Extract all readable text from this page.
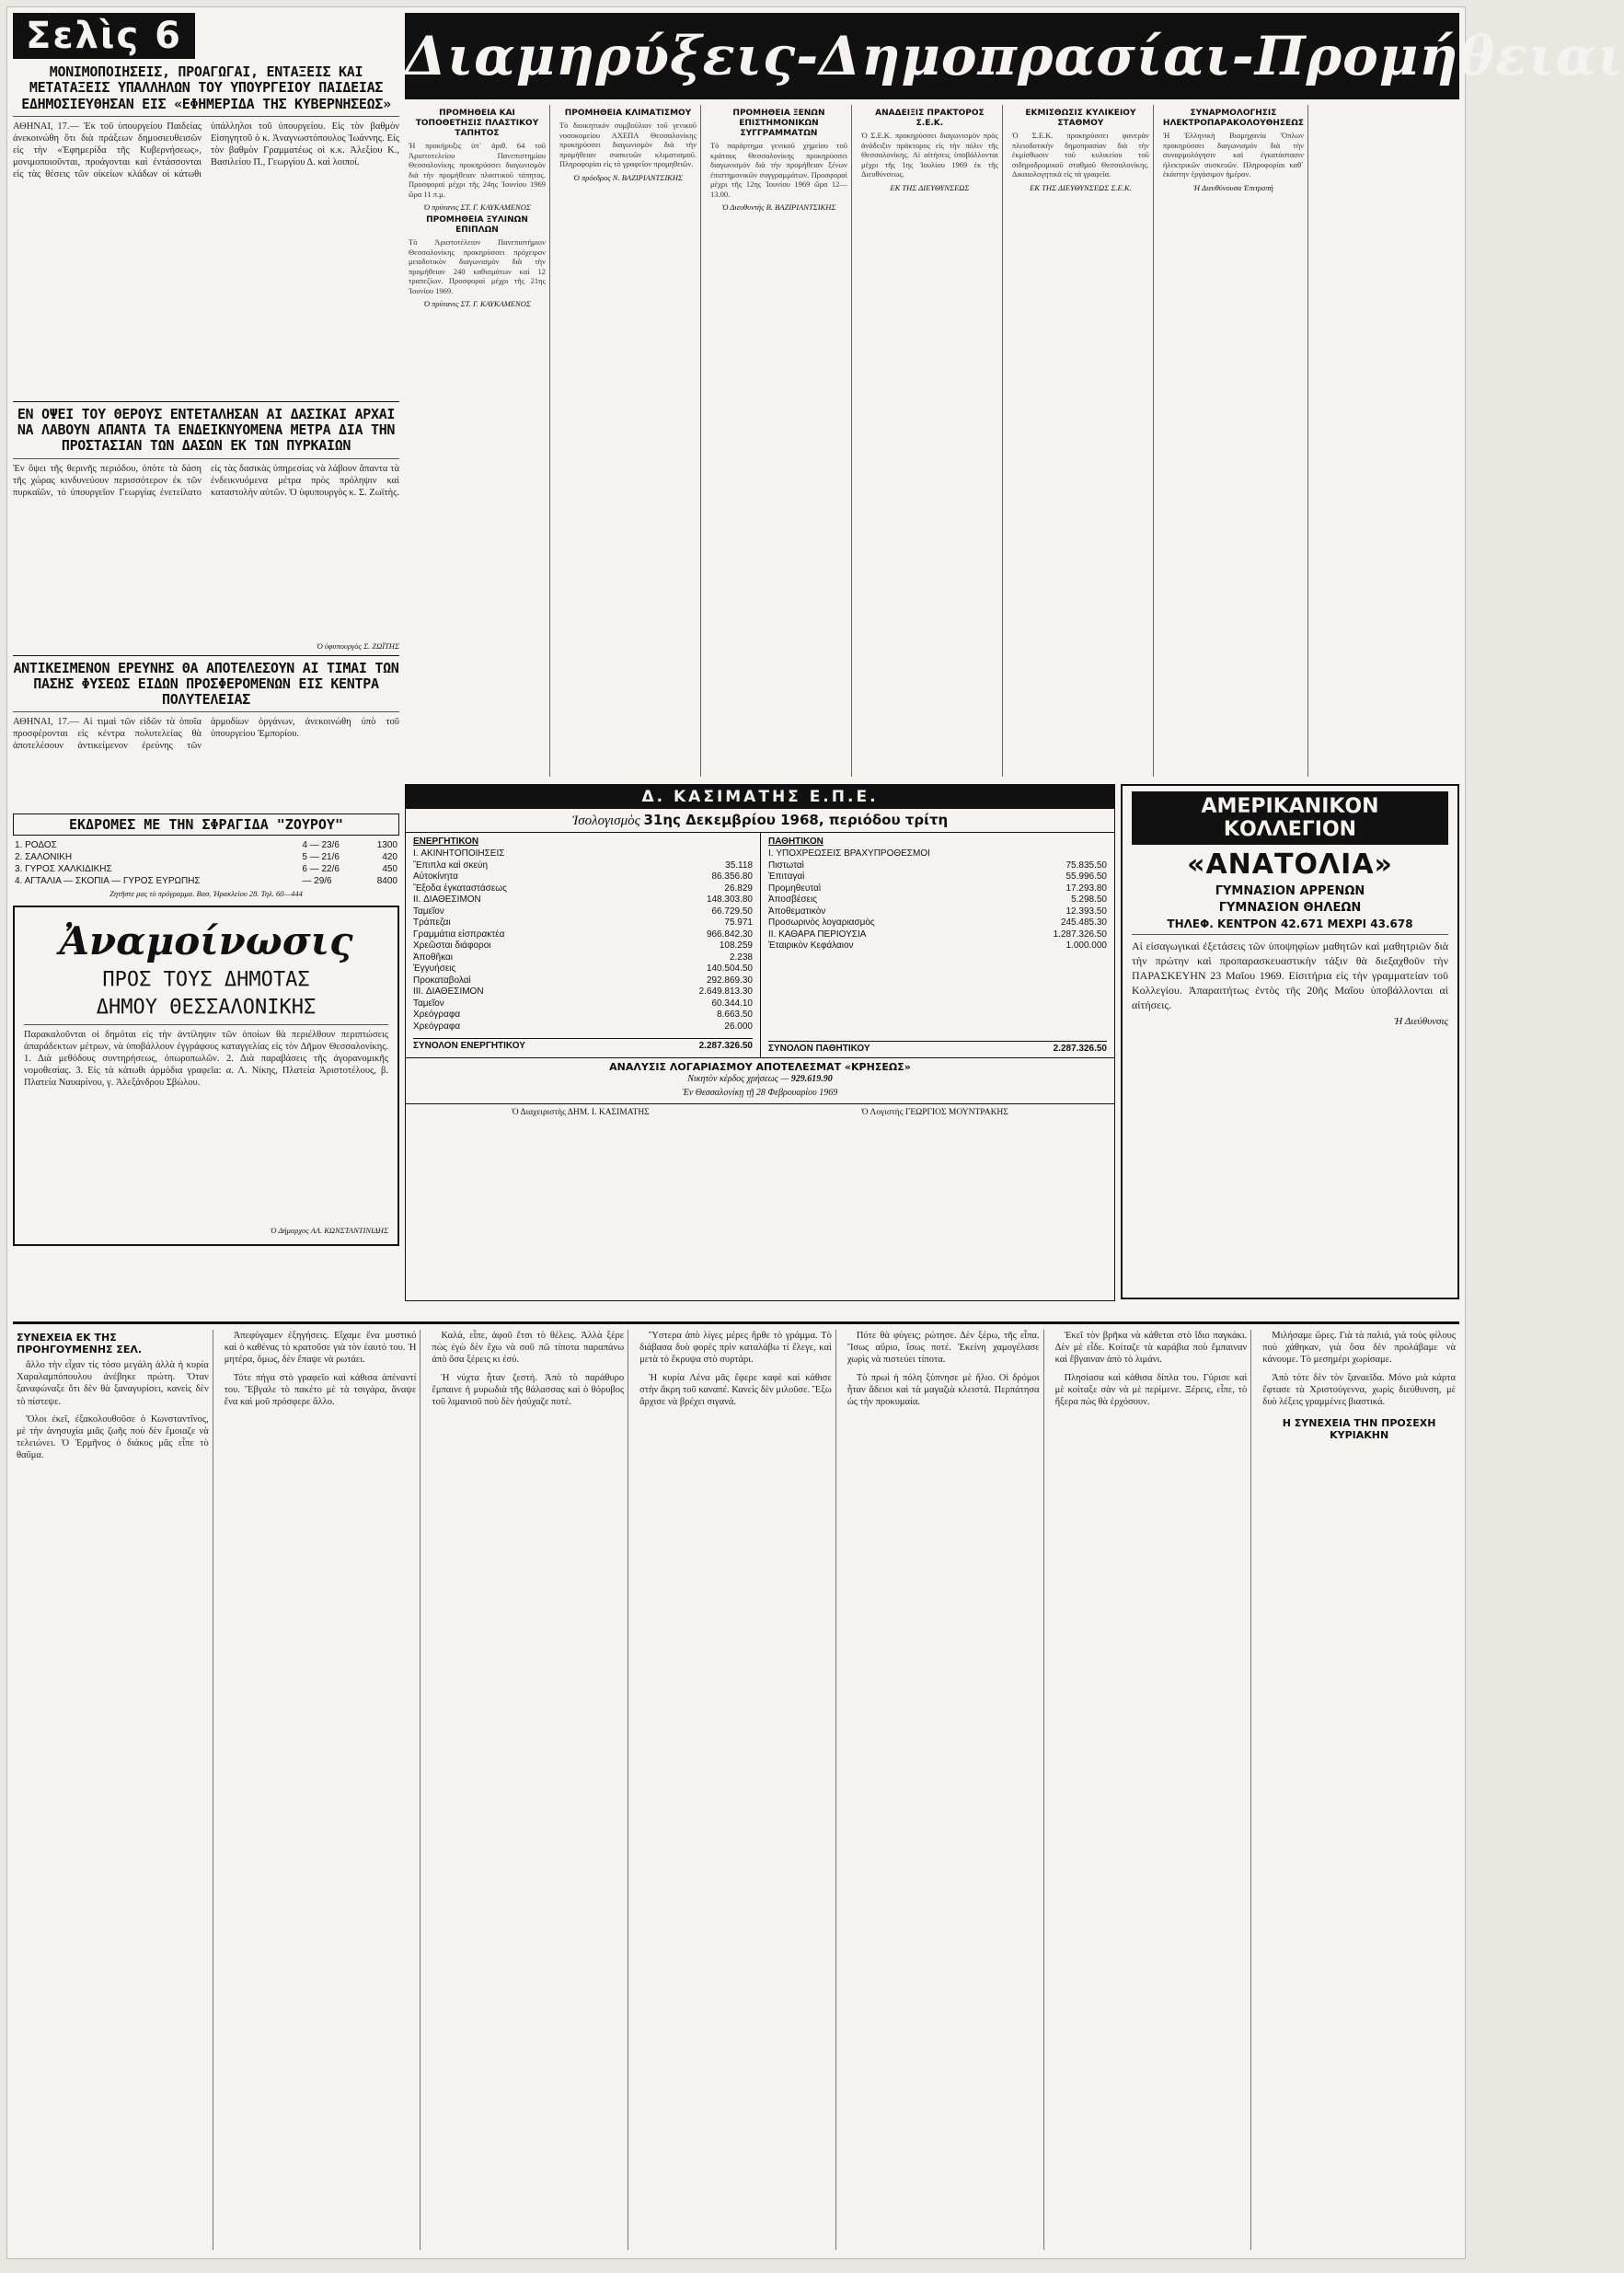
Σελὶς 6
ΜΟΝΙΜΟΠΟΙΗΣΕΙΣ, ΠΡΟΑΓΩΓΑΙ, ΕΝΤΑΞΕΙΣ ΚΑΙ ΜΕΤΑΤΑΞΕΙΣ ΥΠΑΛΛΗΛΩΝ ΤΟΥ ΥΠΟΥΡΓΕΙΟΥ ΠΑΙΔΕΙΑΣ ΕΔΗΜΟΣΙΕΥΘΗΣΑΝ ΕΙΣ «ΕΦΗΜΕΡΙΔΑ ΤΗΣ ΚΥΒΕΡΝΗΣΕΩΣ»
ΑΘΗΝΑΙ, 17.— Ἐκ τοῦ ὑπουργείου Παιδείας ἀνεκοινώθη ὅτι διὰ πράξεων δημοσιευθεισῶν εἰς τὴν «Ἐφημερίδα τῆς Κυβερνήσεως», μονιμοποιοῦνται, προάγονται καὶ ἐντάσσονται εἰς τὰς θέσεις τῶν οἰκείων κλάδων οἱ κάτωθι ὑπάλληλοι τοῦ ὑπουργείου. Εἰς τὸν βαθμὸν Εἰσηγητοῦ ὁ κ. Ἀναγνωστόπουλος Ἰωάννης. Εἰς τὸν βαθμὸν Γραμματέως οἱ κ.κ. Ἀλεξίου Κ., Βασιλείου Π., Γεωργίου Δ. καὶ λοιποί.
ΕΝ ΟΨΕΙ ΤΟΥ ΘΕΡΟΥΣ ΕΝΤΕΤΑΛΗΣΑΝ ΑΙ ΔΑΣΙΚΑΙ ΑΡΧΑΙ ΝΑ ΛΑΒΟΥΝ ΑΠΑΝΤΑ ΤΑ ΕΝΔΕΙΚΝΥΟΜΕΝΑ ΜΕΤΡΑ ΔΙΑ ΤΗΝ ΠΡΟΣΤΑΣΙΑΝ ΤΩΝ ΔΑΣΩΝ ΕΚ ΤΩΝ ΠΥΡΚΑΙΩΝ
Ἐν ὄψει τῆς θερινῆς περιόδου, ὁπότε τὰ δάση τῆς χώρας κινδυνεύουν περισσότερον ἐκ τῶν πυρκαϊῶν, τὸ ὑπουργεῖον Γεωργίας ἐνετείλατο εἰς τὰς δασικὰς ὑπηρεσίας νὰ λάβουν ἅπαντα τὰ ἐνδεικνυόμενα μέτρα πρὸς πρόληψιν καὶ καταστολὴν αὐτῶν. Ὁ ὑφυπουργὸς κ. Σ. Ζωϊτὴς.
Ὁ ὑφυπουργὸς Σ. ΖΩΪΤΗΣ
ΑΝΤΙΚΕΙΜΕΝΟΝ ΕΡΕΥΝΗΣ ΘΑ ΑΠΟΤΕΛΕΣΟΥΝ ΑΙ ΤΙΜΑΙ ΤΩΝ ΠΑΣΗΣ ΦΥΣΕΩΣ ΕΙΔΩΝ ΠΡΟΣΦΕΡΟΜΕΝΩΝ ΕΙΣ ΚΕΝΤΡΑ ΠΟΛΥΤΕΛΕΙΑΣ
ΑΘΗΝΑΙ, 17.— Αἱ τιμαὶ τῶν εἰδῶν τὰ ὁποῖα προσφέρονται εἰς κέντρα πολυτελείας θὰ ἀποτελέσουν ἀντικείμενον ἐρεύνης τῶν ἀρμοδίων ὀργάνων, ἀνεκοινώθη ὑπὸ τοῦ ὑπουργείου Ἐμπορίου.
ΕΚΔΡΟΜΕΣ ΜΕ ΤΗΝ ΣΦΡΑΓΙΔΑ "ΖΟΥΡΟΥ"
1. ΡΟΔΟΣ	4 — 23/6	1300
2. ΣΑΛΟΝΙΚΗ	5 — 21/6	420
3. ΓΥΡΟΣ ΧΑΛΚΙΔΙΚΗΣ	6 — 22/6	450
4. ΑΓΤΑΛΙΑ — ΣΚΟΠΙΑ — ΓΥΡΟΣ ΕΥΡΩΠΗΣ	— 29/6	8400
Ζητῆστε μας τὸ πρόγραμμα. Βασ. Ἡρακλείου 28. Τηλ. 60—444
Ἀναμοίνωσις
ΠΡΟΣ ΤΟΥΣ ΔΗΜΟΤΑΣ
ΔΗΜΟΥ ΘΕΣΣΑΛΟΝΙΚΗΣ
Παρακαλοῦνται οἱ δημόται εἰς τὴν ἀντίληψιν τῶν ὁποίων θὰ περιέλθουν περιπτώσεις ἀπαράδεκτων μέτρων, νὰ ὑποβάλλουν ἐγγράφους καταγγελίας εἰς τὸν Δῆμον Θεσσαλονίκης. 1. Διὰ μεθόδους συντηρήσεως, ὀπωροπωλῶν. 2. Διὰ παραβάσεις τῆς ἀγορανομικῆς νομοθεσίας. 3. Εἰς τὰ κάτωθι ἀρμόδια γραφεῖα: α. Λ. Νίκης, Πλατεία Ἀριστοτέλους, β. Πλατεία Ναυαρίνου, γ. Ἀλεξάνδρου Σβώλου.
Ὁ Δήμαρχος ΑΛ. ΚΩΝΣΤΑΝΤΙΝΙΔΗΣ
Διαμηρύξεις-Δημοπρασίαι-Προμήθειαι
ΠΡΟΜΗΘΕΙΑ ΚΑΙ ΤΟΠΟΘΕΤΗΣΙΣ ΠΛΑΣΤΙΚΟΥ ΤΑΠΗΤΟΣ

Ἡ προκήρυξις ὑπ᾿ ἀριθ. 64 τοῦ Ἀριστοτελείου Πανεπιστημίου Θεσσαλονίκης προκηρύσσει διαγωνισμὸν διὰ τὴν προμήθειαν πλαστικοῦ τάπητος. Προσφοραὶ μέχρι τῆς 24ης Ἰουνίου 1969 ὥρα 11 π.μ.

Ὁ πρύτανις ΣΤ. Γ. ΚΑΥΚΑΜΕΝΟΣ
ΠΡΟΜΗΘΕΙΑ ΞΥΛΙΝΩΝ ΕΠΙΠΛΩΝ

Τὸ Ἀριστοτέλειον Πανεπιστήμιον Θεσσαλονίκης προκηρύσσει πρόχειρον μειοδοτικὸν διαγωνισμὸν διὰ τὴν προμήθειαν 240 καθισμάτων καὶ 12 τραπεζίων. Προσφοραὶ μέχρι τῆς 21ης Ἰουνίου 1969.

Ὁ πρύτανις ΣΤ. Γ. ΚΑΥΚΑΜΕΝΟΣ
ΠΡΟΜΗΘΕΙΑ ΚΛΙΜΑΤΙΣΜΟΥ

Τὸ διοικητικὸν συμβούλιον τοῦ γενικοῦ νοσοκομείου ΑΧΕΠΑ Θεσσαλονίκης προκηρύσσει διαγωνισμὸν διὰ τὴν προμήθειαν συσκευῶν κλιματισμοῦ. Πληροφορίαι εἰς τὸ γραφεῖον προμηθειῶν.

Ὁ πρόεδρος Ν. ΒΑΖΙΡΙΑΝΤΣΙΚΗΣ
ΠΡΟΜΗΘΕΙΑ ΞΕΝΩΝ ΕΠΙΣΤΗΜΟΝΙΚΩΝ ΣΥΓΓΡΑΜΜΑΤΩΝ

Τὸ παράρτημα γενικοῦ χημείου τοῦ κράτους Θεσσαλονίκης προκηρύσσει διαγωνισμὸν διὰ τὴν προμήθειαν ξένων ἐπιστημονικῶν συγγραμμάτων. Προσφοραὶ μέχρι τῆς 12ης Ἰουνίου 1969 ὥρα 12—13.00.

Ὁ Διευθυντής Β. ΒΑΖΙΡΙΑΝΤΣΙΚΗΣ
ΑΝΑΔΕΙΞΙΣ ΠΡΑΚΤΟΡΟΣ Σ.Ε.Κ.

Ὁ Σ.Ε.Κ. προκηρύσσει διαγωνισμὸν πρὸς ἀνάδειξιν πράκτορος εἰς τὴν πόλιν τῆς Θεσσαλονίκης. Αἱ αἰτήσεις ὑποβάλλονται μέχρι τῆς 1ης Ἰουλίου 1969 ἐκ τῆς Διευθύνσεως.

ΕΚ ΤΗΣ ΔΙΕΥΘΥΝΣΕΩΣ
ΕΚΜΙΣΘΩΣΙΣ ΚΥΛΙΚΕΙΟΥ ΣΤΑΘΜΟΥ

Ὁ Σ.Ε.Κ. προκηρύσσει φανερὰν πλειοδοτικὴν δημοπρασίαν διὰ τὴν ἐκμίσθωσιν τοῦ κυλικείου τοῦ σιδηροδρομικοῦ σταθμοῦ Θεσσαλονίκης. Δικαιολογητικὰ εἰς τὰ γραφεῖα.

ΕΚ ΤΗΣ ΔΙΕΥΘΥΝΣΕΩΣ Σ.Ε.Κ.
ΣΥΝΑΡΜΟΛΟΓΗΣΙΣ ΗΛΕΚΤΡΟΠΑΡΑΚΟΛΟΥΘΗΣΕΩΣ

Ἡ Ἑλληνικὴ Βιομηχανία Ὅπλων προκηρύσσει διαγωνισμὸν διὰ τὴν συναρμολόγησιν καὶ ἐγκατάστασιν ἠλεκτρικῶν συσκευῶν. Πληροφορίαι καθ᾿ ἑκάστην ἐργάσιμον ἡμέραν.

Ἡ Διευθύνουσα Ἐπιτροπὴ
Δ. ΚΑΣΙΜΑΤΗΣ Ε.Π.Ε.
Ἰσολογισμὸς 31ης Δεκεμβρίου 1968, περιόδου τρίτη
ΕΝΕΡΓΗΤΙΚΟΝ
I. ΑΚΙΝΗΤΟΠΟΙΗΣΕΙΣ
Ἔπιπλα καὶ σκεύη	35.118
Αὐτοκίνητα	86.356.80
Ἔξοδα ἐγκαταστάσεως	26.829
II. ΔΙΑΘΕΣΙΜΟΝ	148.303.80
Ταμεῖον	66.729.50
Τράπεζαι	75.971
Γραμμάτια εἰσπρακτέα	966.842.30
Χρεῶσται διάφοροι	108.259
Ἀποθῆκαι	2.238
Ἐγγυήσεις	140.504.50
Προκαταβολαὶ	292.869.30
III. ΔΙΑΘΕΣΙΜΟΝ	2.649.813.30
Ταμεῖον	60.344.10
Χρεόγραφα	8.663.50
Χρεόγραφα	26.000
ΣΥΝΟΛΟΝ ΕΝΕΡΓΗΤΙΚΟΥ	2.287.326.50
ΠΑΘΗΤΙΚΟΝ
I. ΥΠΟΧΡΕΩΣΕΙΣ ΒΡΑΧΥΠΡΟΘΕΣΜΟΙ
Πιστωταὶ	75.835.50
Ἐπιταγαὶ	55.996.50
Προμηθευταὶ	17.293.80
Ἀποσβέσεις	5.298.50
Ἀποθεματικὸν	12.393.50
Προσωρινὸς λογαριασμὸς	245.485.30
II. ΚΑΘΑΡΑ ΠΕΡΙΟΥΣΙΑ	1.287.326.50
Ἑταιρικὸν Κεφάλαιον	1.000.000
ΣΥΝΟΛΟΝ ΠΑΘΗΤΙΚΟΥ	2.287.326.50
ΑΝΑΛΥΣΙΣ ΛΟΓΑΡΙΑΣΜΟΥ ΑΠΟΤΕΛΕΣΜΑΤ «ΚΡΗΣΕΩΣ»
Νικητὸν κέρδος χρήσεως — 929.619.90
Ἐν Θεσσαλονίκῃ τῇ 28 Φεβρουαρίου 1969
Ὁ Διαχειριστὴς ΔΗΜ. Ι. ΚΑΣΙΜΑΤΗΣ	Ὁ Λογιστὴς ΓΕΩΡΓΙΟΣ ΜΟΥΝΤΡΑΚΗΣ
ΑΜΕΡΙΚΑΝΙΚΟΝ ΚΟΛΛΕΓΙΟΝ
«ΑΝΑΤΟΛΙΑ»
ΓΥΜΝΑΣΙΟΝ ΑΡΡΕΝΩΝ
ΓΥΜΝΑΣΙΟΝ ΘΗΛΕΩΝ
ΤΗΛΕΦ. ΚΕΝΤΡΟΝ 42.671 ΜΕΧΡΙ 43.678
Αἱ εἰσαγωγικαὶ ἐξετάσεις τῶν ὑποψηφίων μαθητῶν καὶ μαθητριῶν διὰ τὴν πρώτην καὶ προπαρασκευαστικὴν τάξιν θὰ διεξαχθοῦν τὴν ΠΑΡΑΣΚΕΥΗΝ 23 Μαΐου 1969. Εἰσιτήρια εἰς τὴν γραμματείαν τοῦ Κολλεγίου. Ἀπαραιτήτως ἐντὸς τῆς 20ῆς Μαΐου ὑποβάλλονται αἱ αἰτήσεις.
Ἡ Διεύθυνσις
ΣΥΝΕΧΕΙΑ ΕΚ ΤΗΣ ΠΡΟΗΓΟΥΜΕΝΗΣ ΣΕΛ.

ἄλλο τὴν εἶχαν τίς τόσο μεγάλη ἀλλὰ ἡ κυρία Χαραλαμπόπουλου ἀνέβηκε πρώτη. Ὅταν ξαναφώναξε ὅτι δὲν θὰ ξαναγυρίσει, κανεὶς δὲν τὸ πίστεψε.

Ὅλοι ἐκεῖ, ἐξακολουθοῦσε ὁ Κωνσταντῖνος, μὲ τὴν ἀνησυχία μιᾶς ζωῆς ποὺ δὲν ἔμοιαζε νὰ τελειώνει. Ὁ Ἐρμῆνος ὁ διάκος μᾶς εἶπε τὸ θαῦμα.

Ἀπεφύγαμεν ἐξηγήσεις. Εἴχαμε ἕνα μυστικό καὶ ὁ καθένας τὸ κρατοῦσε γιὰ τὸν ἑαυτό του. Ἡ μητέρα, ὅμως, δὲν ἔπαψε νὰ ρωτάει.

Τότε πήγα στὸ γραφεῖο καὶ κάθισα ἀπέναντί του. Ἔβγαλε τὸ πακέτο μὲ τὰ τσιγάρα, ἄναψε ἕνα καὶ μοῦ πρόσφερε ἄλλο.

Καλά, εἶπε, ἀφοῦ ἔτσι τὸ θέλεις. Ἀλλὰ ξέρε πὼς ἐγὼ δὲν ἔχω νὰ σοῦ πῶ τίποτα παραπάνω ἀπὸ ὅσα ξέρεις κι ἐσύ.

Ἡ νύχτα ἦταν ζεστή. Ἀπὸ τὸ παράθυρο ἔμπαινε ἡ μυρωδιὰ τῆς θάλασσας καὶ ὁ θόρυβος τοῦ λιμανιοῦ ποὺ δὲν ἡσύχαζε ποτέ.

Ὕστερα ἀπὸ λίγες μέρες ἤρθε τὸ γράμμα. Τὸ διάβασα δυὸ φορὲς πρὶν καταλάβω τί ἔλεγε, καὶ μετὰ τὸ ἔκρυψα στὸ συρτάρι.

Ἡ κυρία Λένα μᾶς ἔφερε καφὲ καὶ κάθισε στὴν ἄκρη τοῦ καναπέ. Κανεὶς δὲν μιλοῦσε. Ἔξω ἄρχισε νὰ βρέχει σιγανά.

Πότε θὰ φύγεις; ρώτησε. Δὲν ξέρω, τῆς εἶπα. Ἴσως αὔριο, ἴσως ποτέ. Ἐκείνη χαμογέλασε χωρὶς νὰ πιστεύει τίποτα.

Τὸ πρωὶ ἡ πόλη ξύπνησε μὲ ἥλιο. Οἱ δρόμοι ἦταν ἄδειοι καὶ τὰ μαγαζιὰ κλειστά. Περπάτησα ὡς τὴν προκυμαία.

Ἐκεῖ τὸν βρῆκα νὰ κάθεται στὸ ἴδιο παγκάκι. Δὲν μὲ εἶδε. Κοίταζε τὰ καράβια ποὺ ἔμπαιναν καὶ ἔβγαιναν ἀπὸ τὸ λιμάνι.

Πλησίασα καὶ κάθισα δίπλα του. Γύρισε καὶ μὲ κοίταξε σὰν νὰ μὲ περίμενε. Ξέρεις, εἶπε, τὸ ἤξερα πὼς θὰ ἐρχόσουν.

Μιλήσαμε ὥρες. Γιὰ τὰ παλιά, γιὰ τοὺς φίλους ποὺ χάθηκαν, γιὰ ὅσα δὲν προλάβαμε νὰ κάνουμε. Τὸ μεσημέρι χωρίσαμε.

Ἀπὸ τότε δὲν τὸν ξαναεῖδα. Μόνο μιὰ κάρτα ἔφτασε τὰ Χριστούγεννα, χωρὶς διεύθυνση, μὲ δυὸ λέξεις γραμμένες βιαστικά.

Η ΣΥΝΕΧΕΙΑ ΤΗΝ ΠΡΟΣΕΧΗ ΚΥΡΙΑΚΗΝ
